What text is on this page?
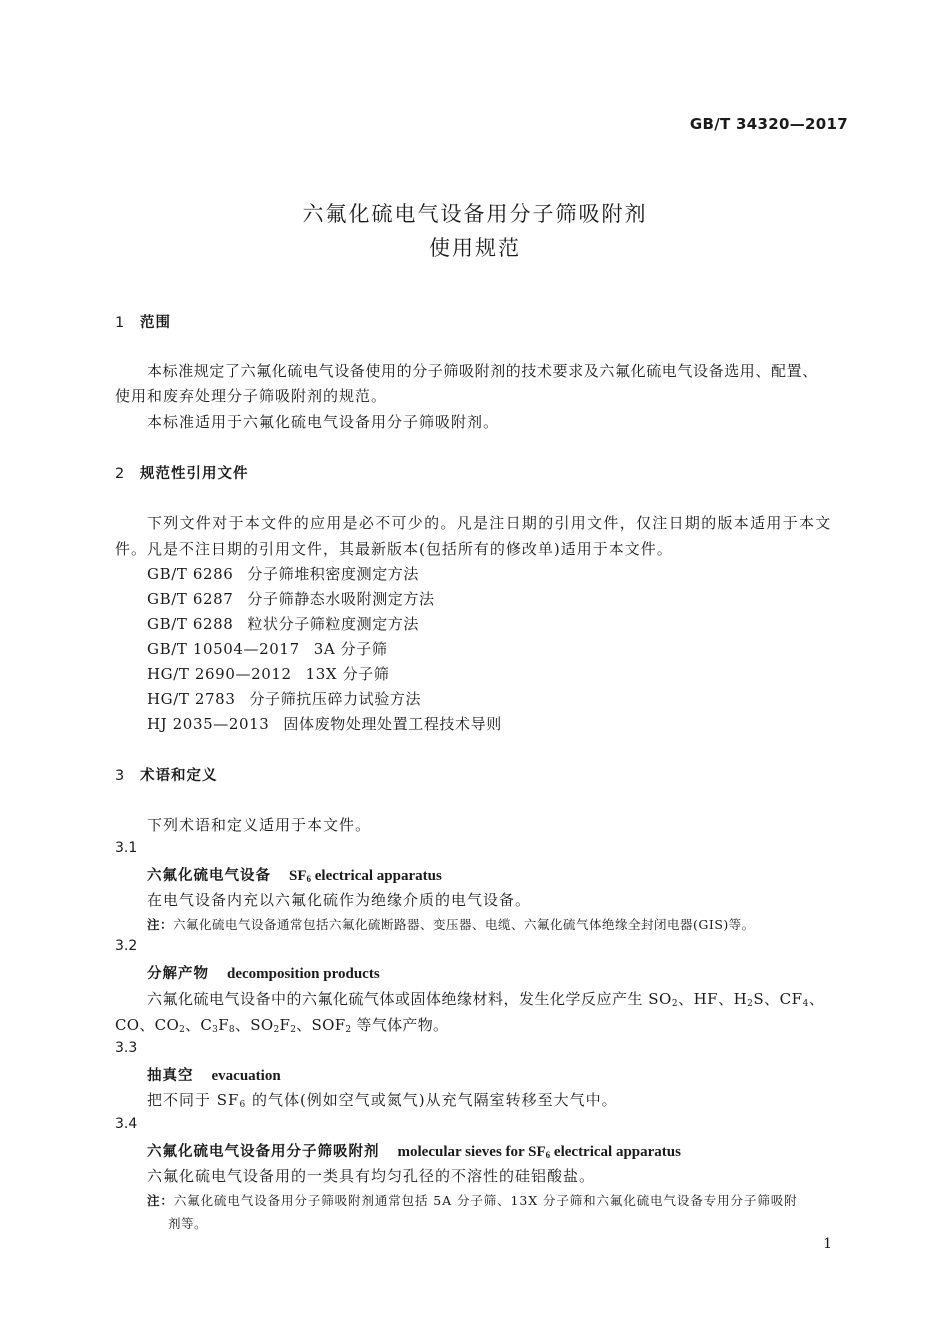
GB/T 34320—2017
六氟化硫电气设备用分子筛吸附剂
使用规范
1 范围
本标准规定了六氟化硫电气设备使用的分子筛吸附剂的技术要求及六氟化硫电气设备选用、配置、
使用和废弃处理分子筛吸附剂的规范。
本标准适用于六氟化硫电气设备用分子筛吸附剂。
2 规范性引用文件
下列文件对于本文件的应用是必不可少的。凡是注日期的引用文件，仅注日期的版本适用于本文
件。凡是不注日期的引用文件，其最新版本(包括所有的修改单)适用于本文件。
GB/T 6286 分子筛堆积密度测定方法
GB/T 6287 分子筛静态水吸附测定方法
GB/T 6288 粒状分子筛粒度测定方法
GB/T 10504—2017 3A 分子筛
HG/T 2690—2012 13X 分子筛
HG/T 2783 分子筛抗压碎力试验方法
HJ 2035—2013 固体废物处理处置工程技术导则
3 术语和定义
下列术语和定义适用于本文件。
3.1
六氟化硫电气设备 $SF_6$ electrical apparatus
在电气设备内充以六氟化硫作为绝缘介质的电气设备。
注：六氟化硫电气设备通常包括六氟化硫断路器、变压器、电缆、六氟化硫气体绝缘全封闭电器(GIS)等。
3.2
分解产物 decomposition products
六氟化硫电气设备中的六氟化硫气体或固体绝缘材料，发生化学反应产生 $SO_2$、HF、$H_2S$、$CF_4$、
CO、$CO_2$、$C_3F_8$、$SO_2F_2$、$SOF_2$ 等气体产物。
3.3
抽真空 evacuation
把不同于 $SF_6$ 的气体(例如空气或氮气)从充气隔室转移至大气中。
3.4
六氟化硫电气设备用分子筛吸附剂 molecular sieves for $SF_6$ electrical apparatus
六氟化硫电气设备用的一类具有均匀孔径的不溶性的硅铝酸盐。
注：六氟化硫电气设备用分子筛吸附剂通常包括 5A 分子筛、13X 分子筛和六氟化硫电气设备专用分子筛吸附
剂等。
1
